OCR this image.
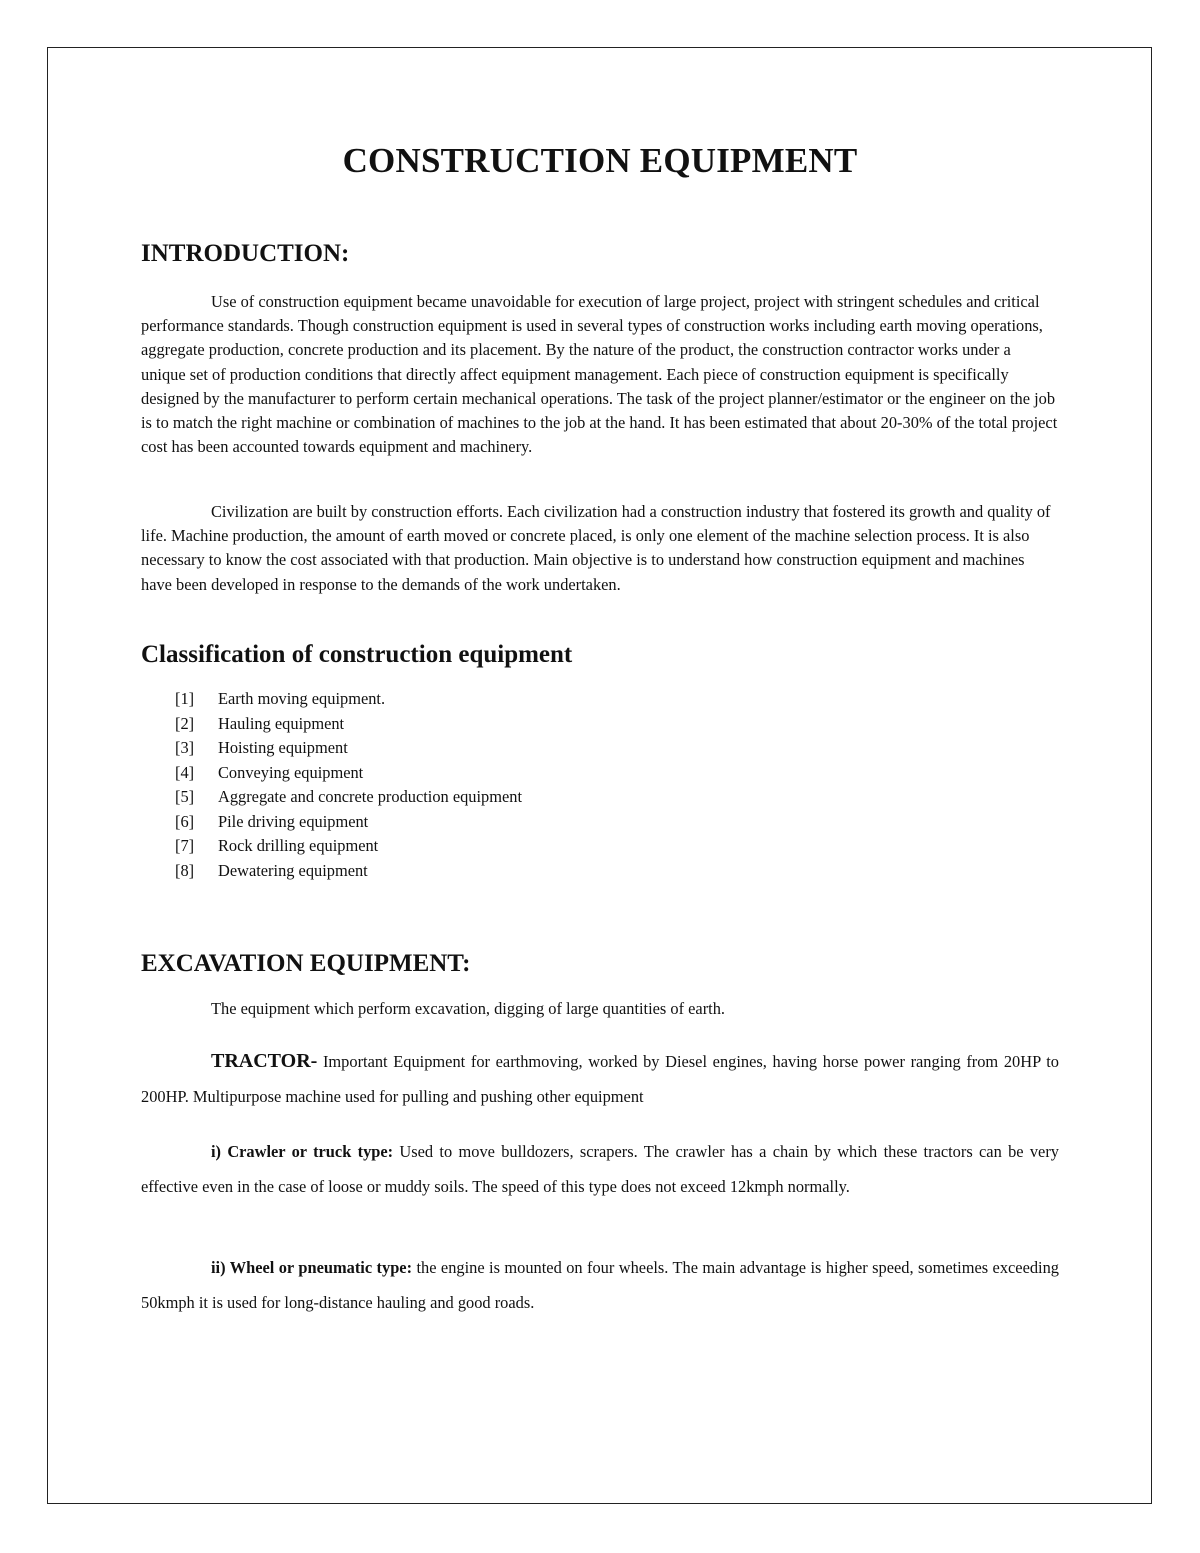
CONSTRUCTION EQUIPMENT
INTRODUCTION:

Use of construction equipment became unavoidable for execution of large project, project with stringent schedules and critical performance standards. Though construction equipment is used in several types of construction works including earth moving operations, aggregate production, concrete production and its placement. By the nature of the product, the construction contractor works under a unique set of production conditions that directly affect equipment management. Each piece of construction equipment is specifically designed by the manufacturer to perform certain mechanical operations. The task of the project planner/estimator or the engineer on the job is to match the right machine or combination of machines to the job at the hand. It has been estimated that about 20-30% of the total project cost has been accounted towards equipment and machinery.

Civilization are built by construction efforts. Each civilization had a construction industry that fostered its growth and quality of life. Machine production, the amount of earth moved or concrete placed, is only one element of the machine selection process. It is also necessary to know the cost associated with that production. Main objective is to understand how construction equipment and machines have been developed in response to the demands of the work undertaken.

Classification of construction equipment
[1]	Earth moving equipment.
[2]	Hauling equipment
[3]	Hoisting equipment
[4]	Conveying equipment
[5]	Aggregate and concrete production equipment
[6]	Pile driving equipment
[7]	Rock drilling equipment
[8]	Dewatering equipment
EXCAVATION EQUIPMENT:

The equipment which perform excavation, digging of large quantities of earth.

TRACTOR- Important Equipment for earthmoving, worked by Diesel engines, having horse power ranging from 20HP to 200HP. Multipurpose machine used for pulling and pushing other equipment

i) Crawler or truck type: Used to move bulldozers, scrapers. The crawler has a chain by which these tractors can be very effective even in the case of loose or muddy soils. The speed of this type does not exceed 12kmph normally.

ii) Wheel or pneumatic type: the engine is mounted on four wheels. The main advantage is higher speed, sometimes exceeding 50kmph it is used for long-distance hauling and good roads.
